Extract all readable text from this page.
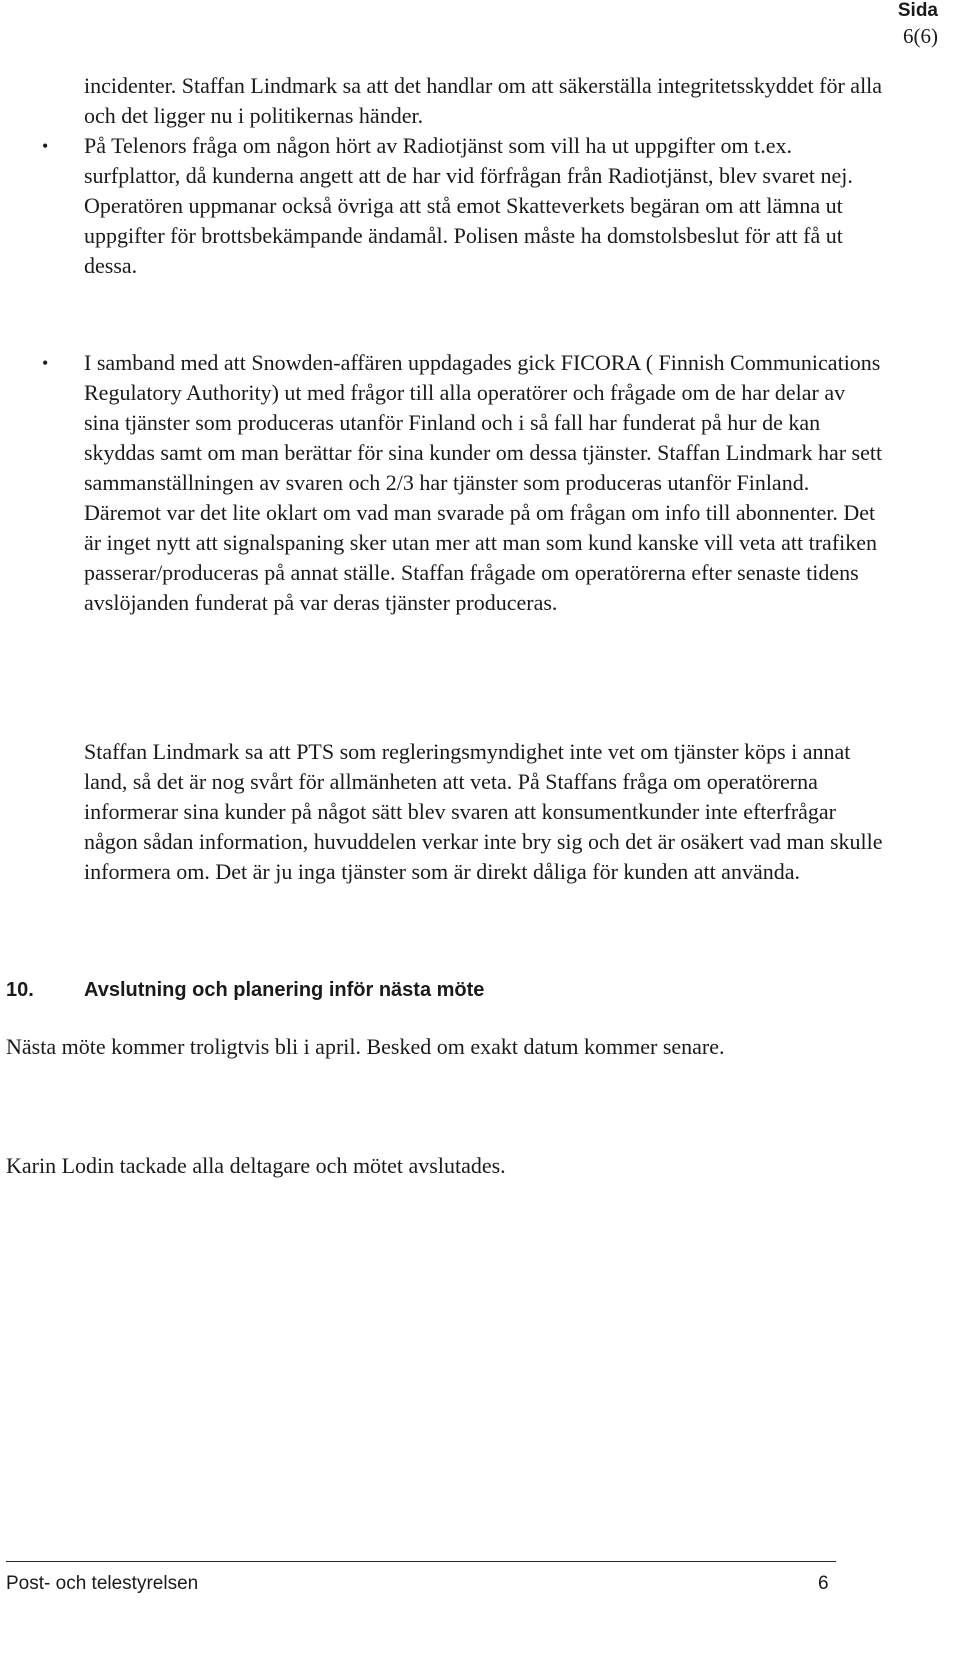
Sida
6(6)

incidenter. Staffan Lindmark sa att det handlar om att säkerställa integritetsskyddet för alla och det ligger nu i politikernas händer.

• På Telenors fråga om någon hört av Radiotjänst som vill ha ut uppgifter om t.ex. surfplattor, då kunderna angett att de har vid förfrågan från Radiotjänst, blev svaret nej. Operatören uppmanar också övriga att stå emot Skatteverkets begäran om att lämna ut uppgifter för brottsbekämpande ändamål. Polisen måste ha domstolsbeslut för att få ut dessa.

• I samband med att Snowden-affären uppdagades gick FICORA ( Finnish Communications Regulatory Authority) ut med frågor till alla operatörer och frågade om de har delar av sina tjänster som produceras utanför Finland och i så fall har funderat på hur de kan skyddas samt om man berättar för sina kunder om dessa tjänster. Staffan Lindmark har sett sammanställningen av svaren och 2/3 har tjänster som produceras utanför Finland. Däremot var det lite oklart om vad man svarade på om frågan om info till abonnenter. Det är inget nytt att signalspaning sker utan mer att man som kund kanske vill veta att trafiken passerar/produceras på annat ställe. Staffan frågade om operatörerna efter senaste tidens avslöjanden funderat på var deras tjänster produceras.

Staffan Lindmark sa att PTS som regleringsmyndighet inte vet om tjänster köps i annat land, så det är nog svårt för allmänheten att veta. På Staffans fråga om operatörerna informerar sina kunder på något sätt blev svaren att konsumentkunder inte efterfrågar någon sådan information, huvuddelen verkar inte bry sig och det är osäkert vad man skulle informera om. Det är ju inga tjänster som är direkt dåliga för kunden att använda.

10.	Avslutning och planering inför nästa möte

Nästa möte kommer troligtvis bli i april. Besked om exakt datum kommer senare.

Karin Lodin tackade alla deltagare och mötet avslutades.

Post- och telestyrelsen	6
